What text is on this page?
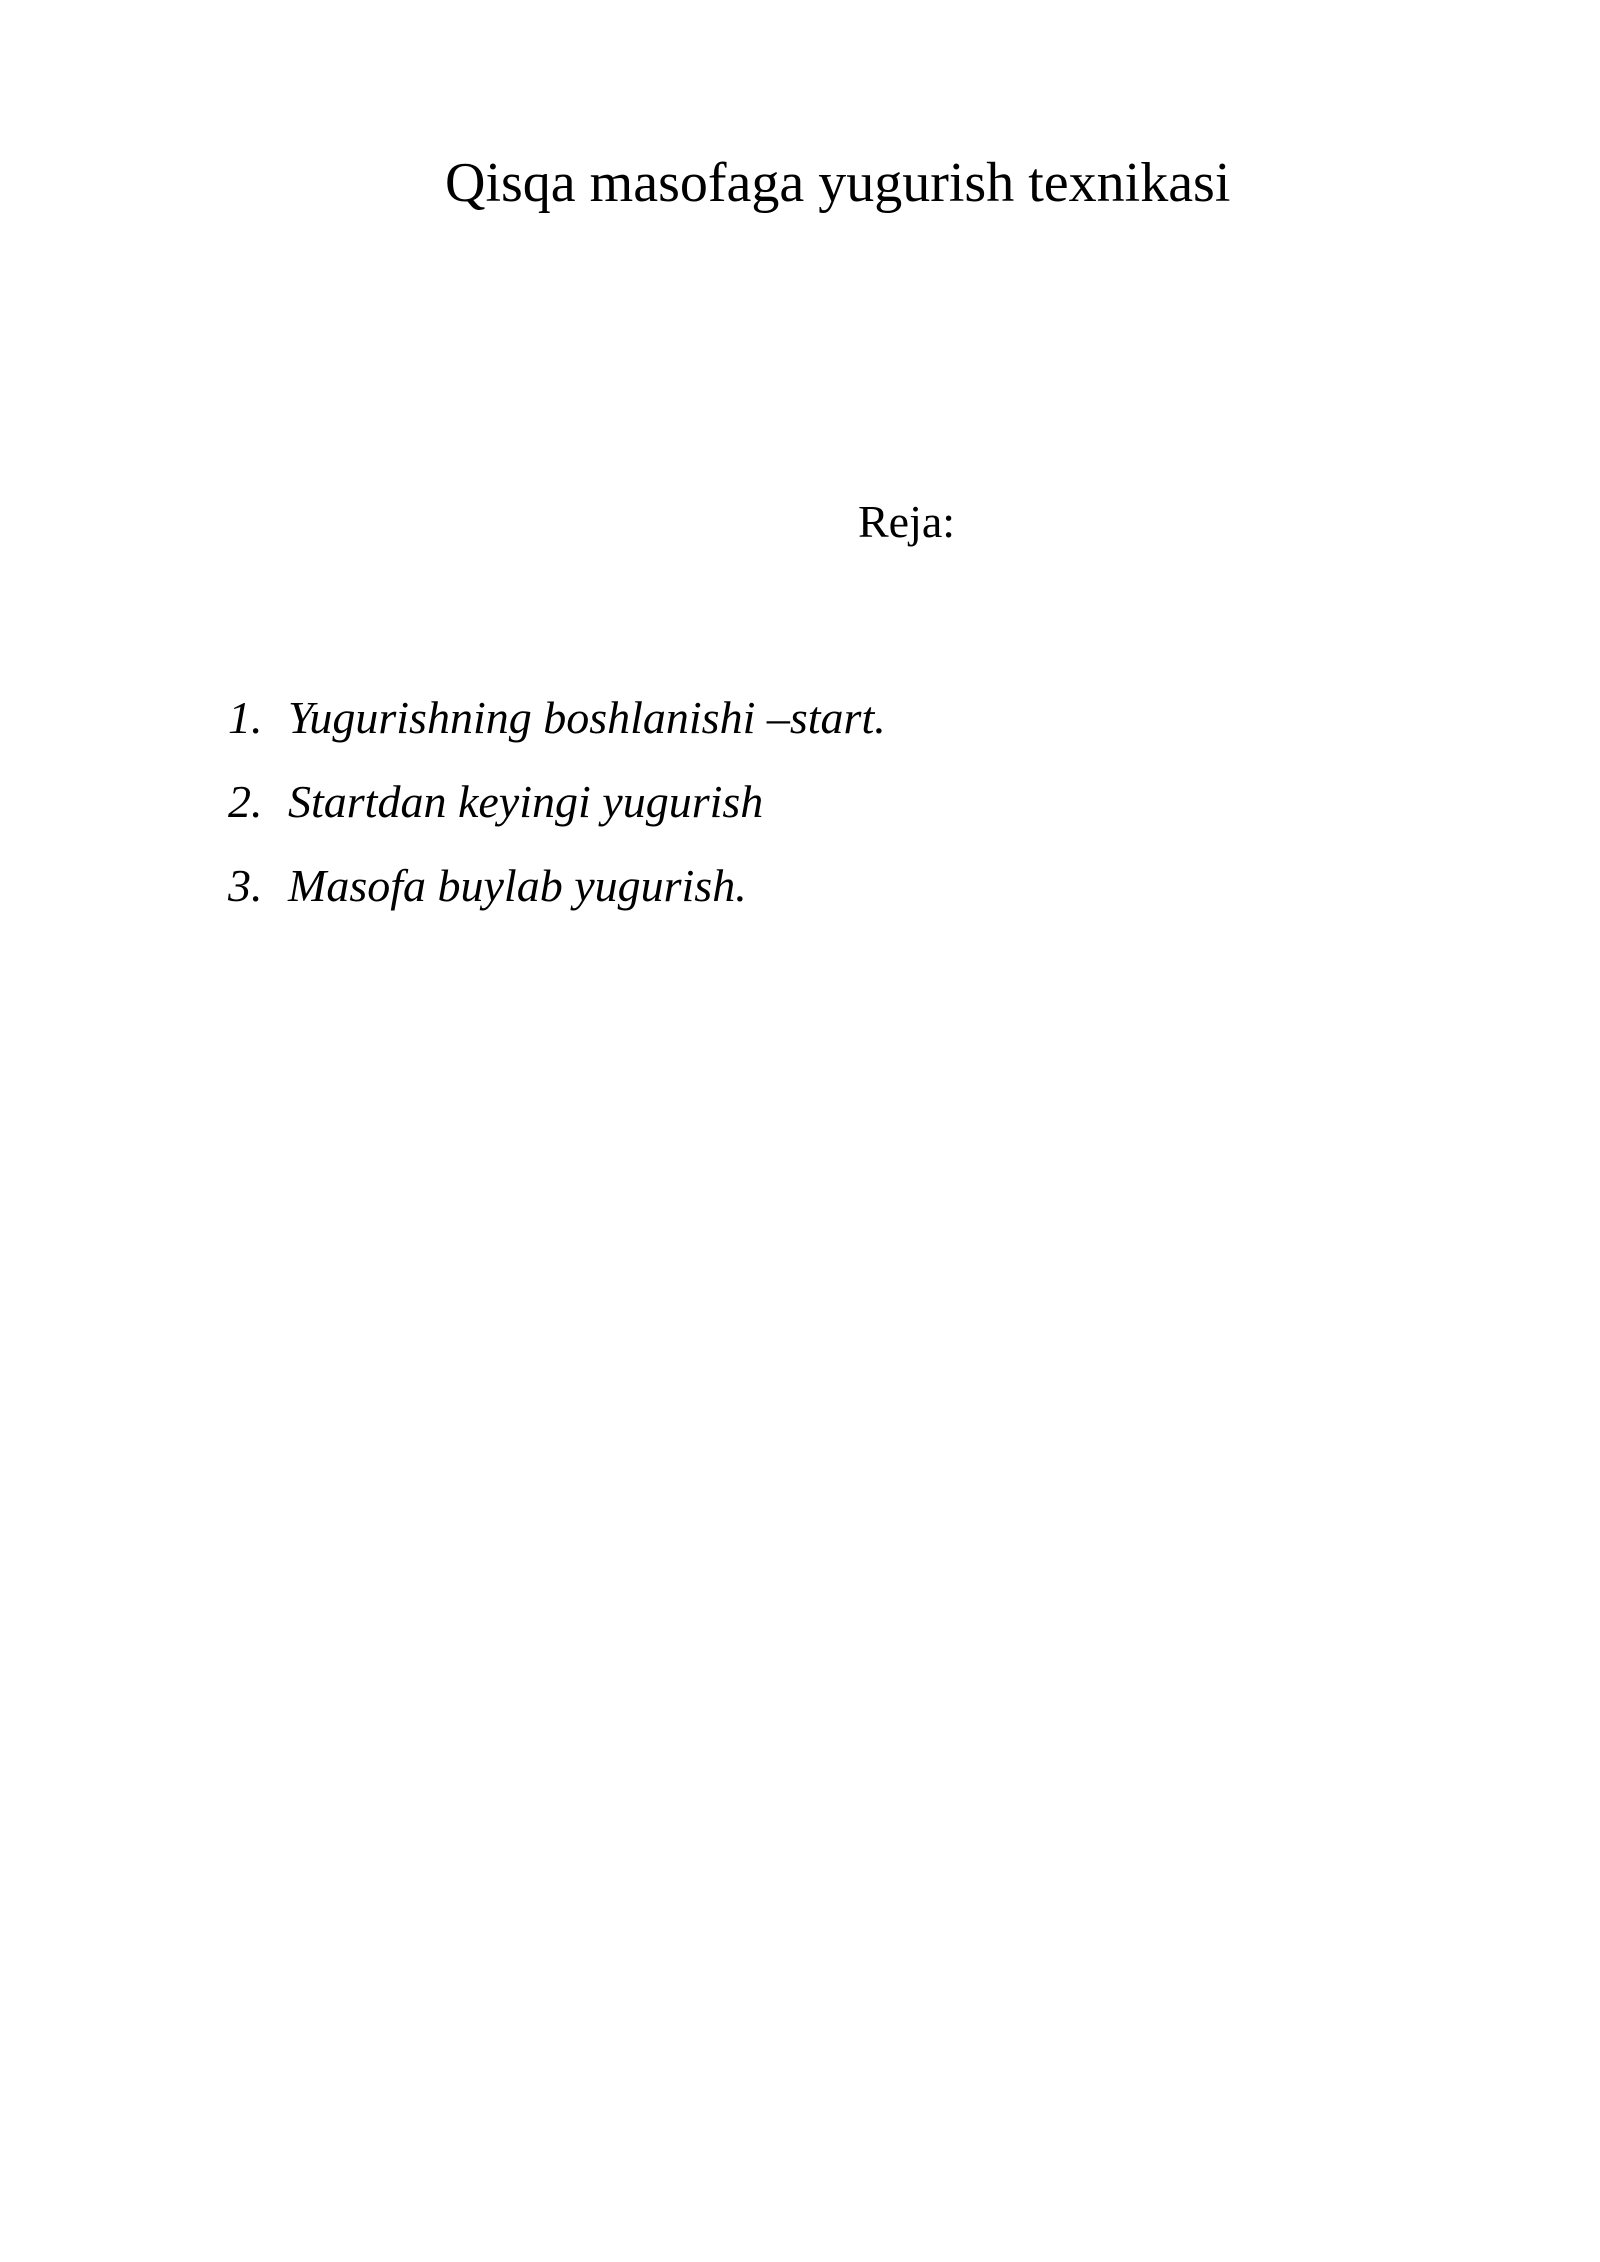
Qisqa masofaga yugurish texnikasi
Reja:
1. Yugurishning boshlanishi –start.
2. Startdan keyingi yugurish
3. Masofa buylab yugurish.
